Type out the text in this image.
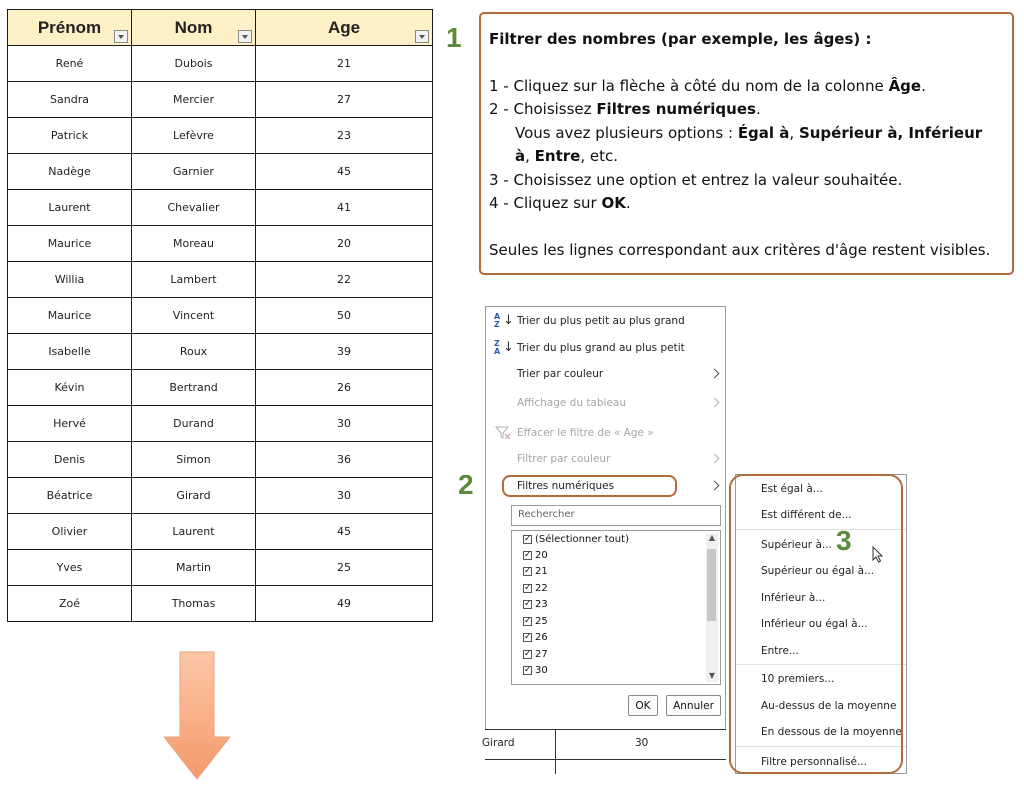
Prénom	Nom	Age

René	Dubois	21
Sandra	Mercier	27
Patrick	Lefèvre	23
Nadège	Garnier	45
Laurent	Chevalier	41
Maurice	Moreau	20
Willia	Lambert	22
Maurice	Vincent	50
Isabelle	Roux	39
Kévin	Bertrand	26
Hervé	Durand	30
Denis	Simon	36
Béatrice	Girard	30
Olivier	Laurent	45
Yves	Martin	25
Zoé	Thomas	49
1
2

Filtrer des nombres (par exemple, les âges) :

1 - Cliquez sur la flèche à côté du nom de la colonne Âge.

2 - Choisissez Filtres numériques.

Vous avez plusieurs options : Égal à, Supérieur à, Inférieur

à, Entre, etc.

3 - Choisissez une option et entrez la valeur souhaitée.

4 - Cliquez sur OK.

Seules les lignes correspondant aux critères d'âge restent visibles.

A
Z ↓ Trier du plus petit au plus grand
Z
A ↓ Trier du plus grand au plus petit
Trier par couleur
Affichage du tableau
Effacer le filtre de « Age »
Filtrer par couleur
Filtres numériques
Rechercher
✓ (Sélectionner tout)
✓ 20
✓ 21
✓ 22
✓ 23
✓ 25
✓ 26
✓ 27
✓ 30
▲
▼
OK	Annuler
Girard	30
Est égal à...
Est différent de...
Supérieur à...
Supérieur ou égal à...
Inférieur à...
Inférieur ou égal à...
Entre...
10 premiers...
Au-dessus de la moyenne
En dessous de la moyenne
Filtre personnalisé...
3
